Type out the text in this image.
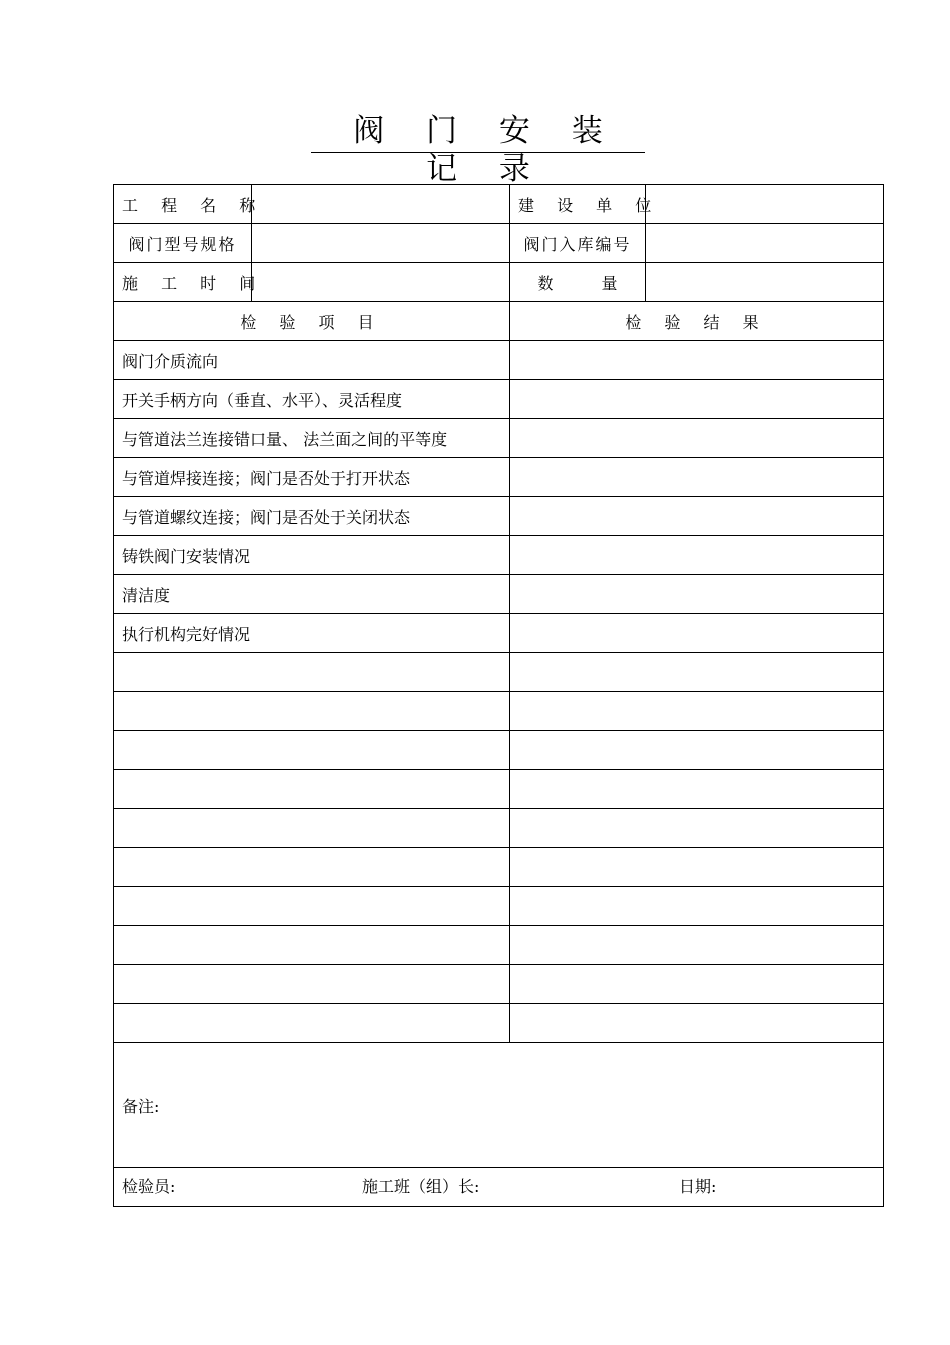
阀 门 安 装 记 录
工 程 名 称		建 设 单 位	
阀门型号规格		阀门入库编号	
施 工 时 间		数 量	
检 验 项 目		检 验 结 果	
阀门介质流向			
开关手柄方向（垂直、水平）、灵活程度			
与管道法兰连接错口量、 法兰面之间的平等度			
与管道焊接连接；阀门是否处于打开状态			
与管道螺纹连接；阀门是否处于关闭状态			
铸铁阀门安装情况			
清洁度			
执行机构完好情况			

备注:			

检验员: 施工班（组）长: 日期:			
